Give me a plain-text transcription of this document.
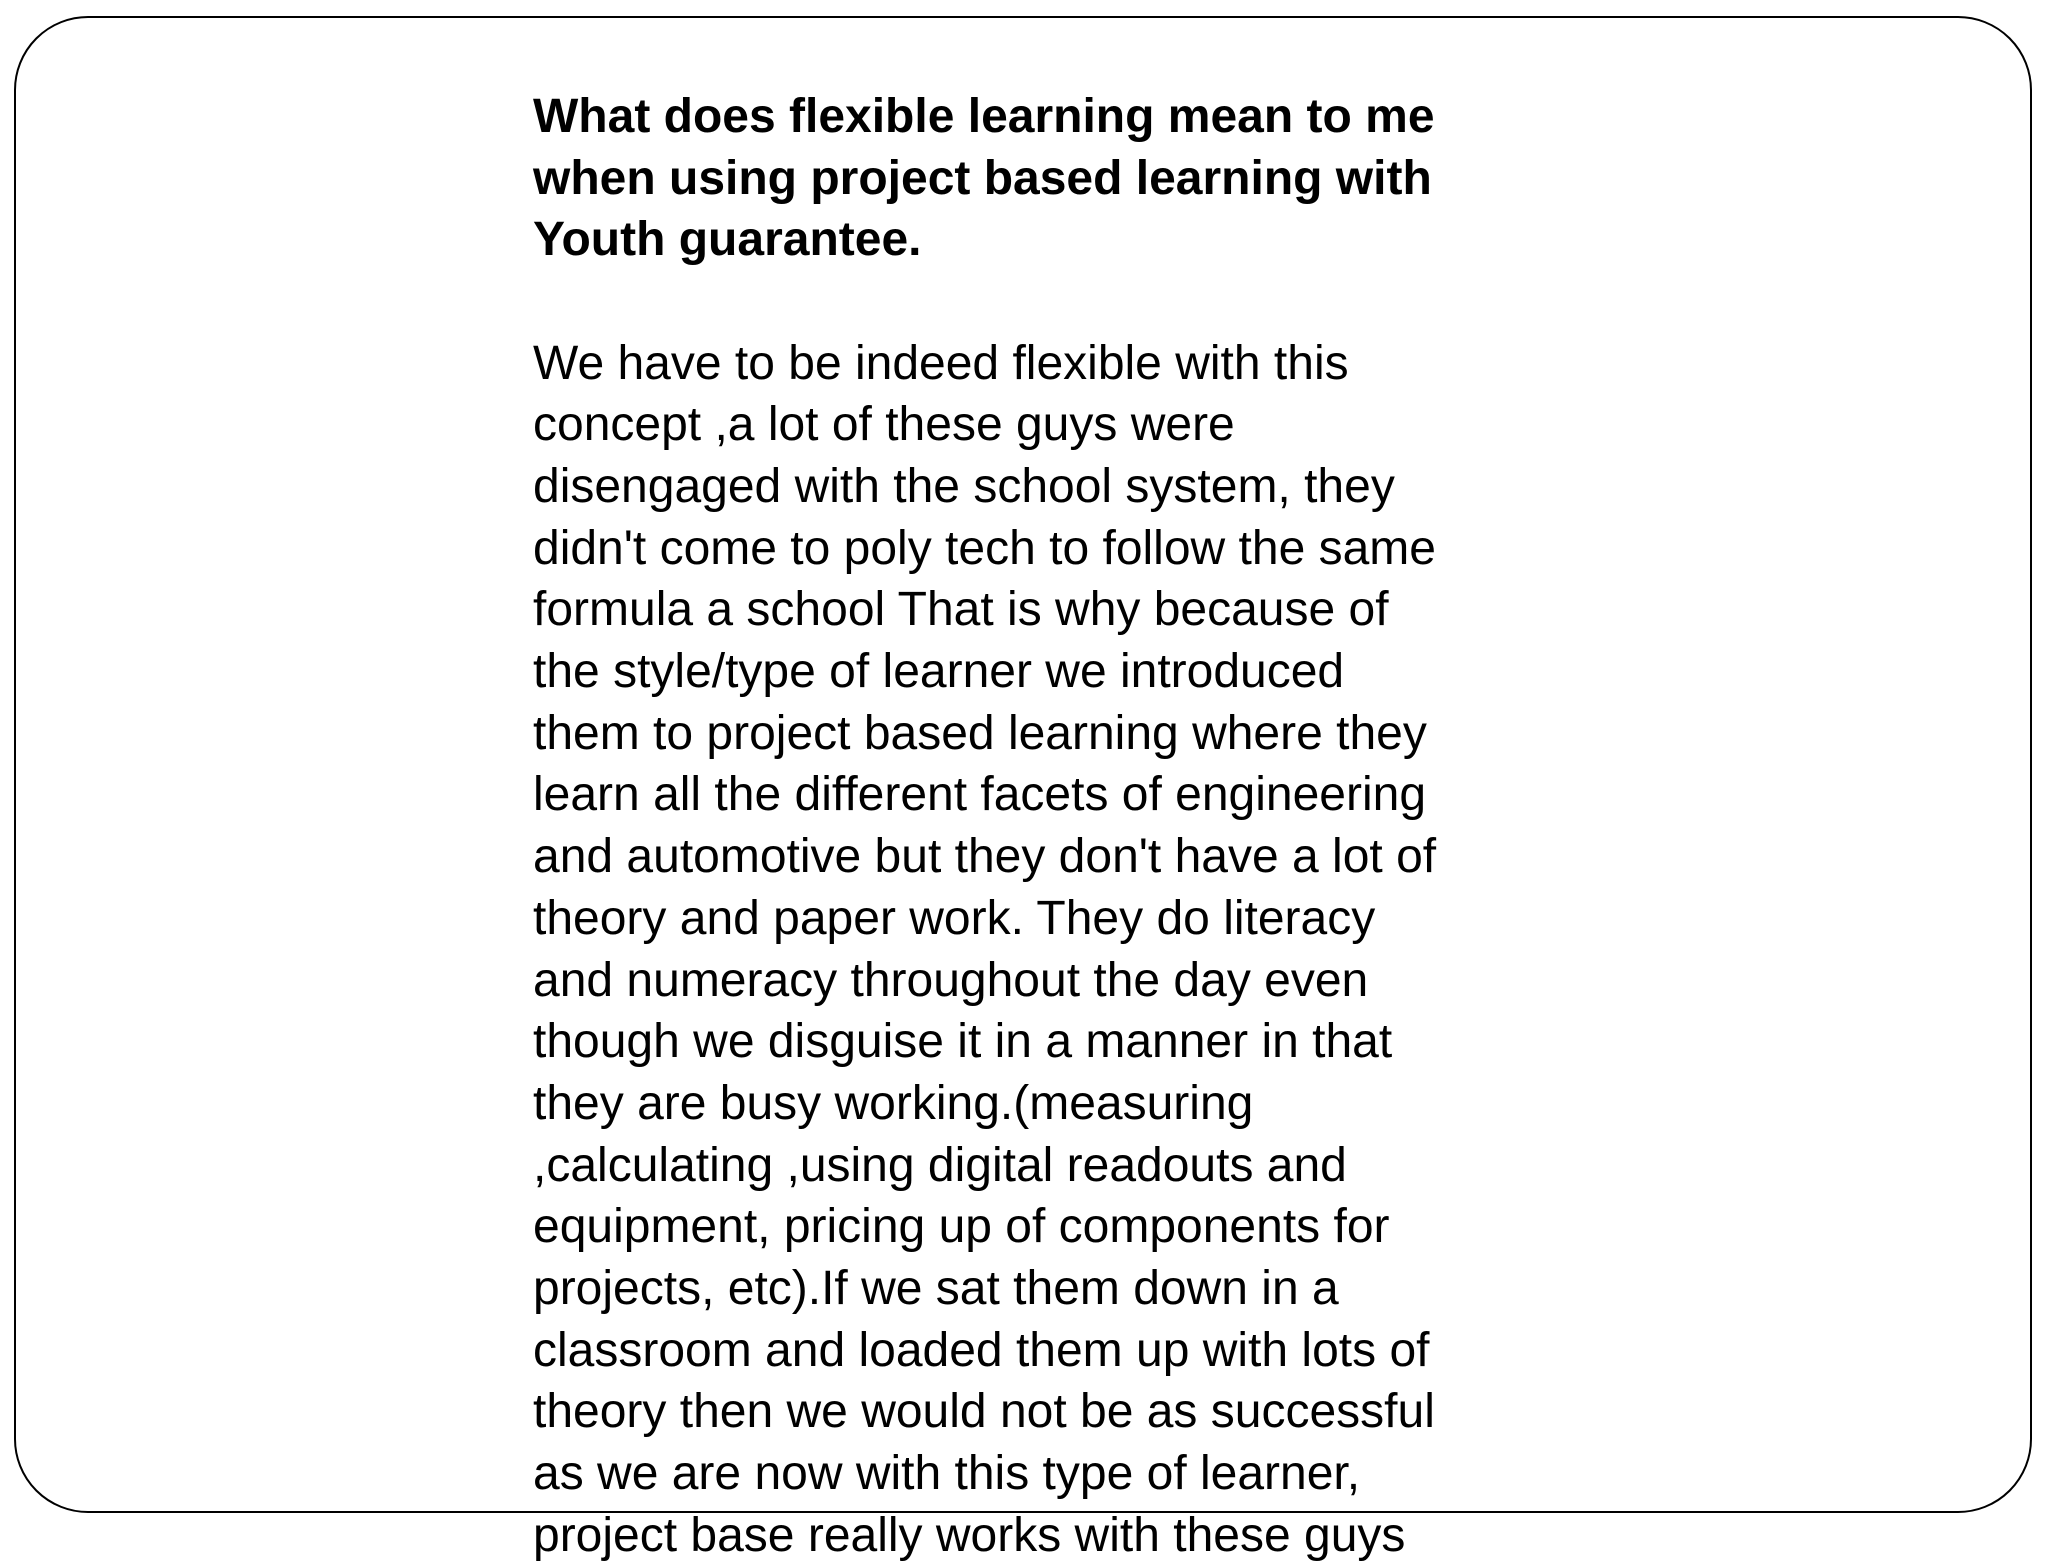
What does flexible learning mean to me
when using project based learning with
Youth guarantee.

We have to be indeed flexible with this
concept ,a lot of these guys were
disengaged with the school system, they
didn't come to poly tech to follow the same
formula a school That is why because of
the style/type of learner we introduced
them to project based learning where they
learn all the different facets of engineering
and automotive but they don't have a lot of
theory and paper work. They do literacy
and numeracy throughout the day even
though we disguise it in a manner in that
they are busy working.(measuring
,calculating ,using digital readouts and
equipment, pricing up of components for
projects, etc).If we sat them down in a
classroom and loaded them up with lots of
theory then we would not be as successful
as we are now with this type of learner,
project base really works with these guys
